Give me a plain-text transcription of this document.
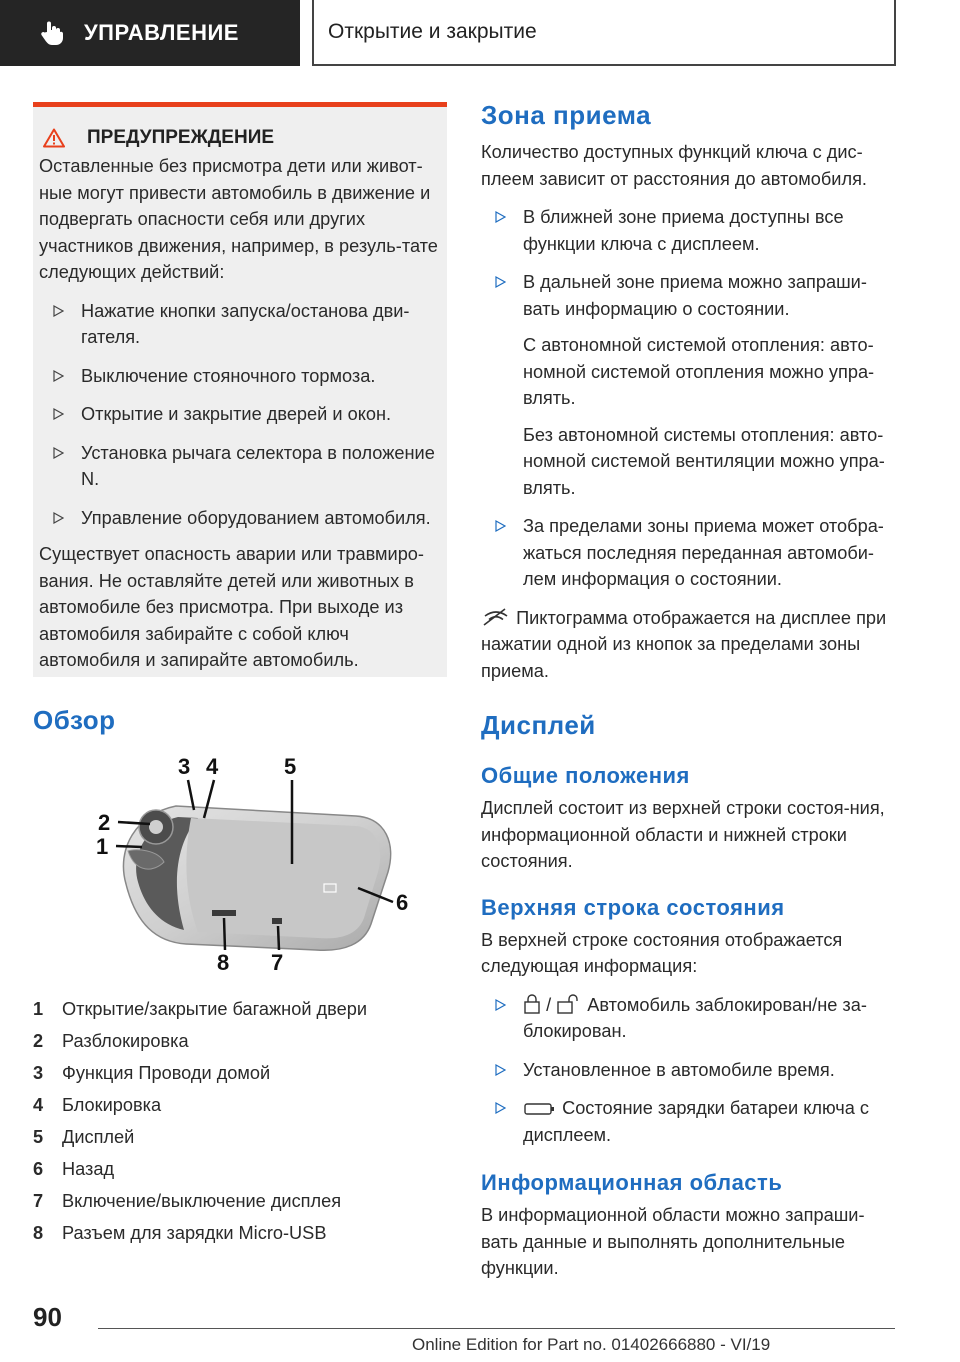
УПРАВЛЕНИЕ	Открытие и закрытие
ПРЕДУПРЕЖДЕНИЕ

Оставленные без присмотра дети или живот-ные могут привести автомобиль в движение и подвергать опасности себя или других участников движения, например, в резуль-тате следующих действий:

Нажатие кнопки запуска/останова дви-гателя.
Выключение стояночного тормоза.
Открытие и закрытие дверей и окон.
Установка рычага селектора в положение N.
Управление оборудованием автомобиля.

Существует опасность аварии или травмиро-вания. Не оставляйте детей или животных в автомобиле без присмотра. При выходе из автомобиля забирайте с собой ключ автомобиля и запирайте автомобиль.

Обзор
1
2
3 4	5
6
7
8
1	Открытие/закрытие багажной двери
2	Разблокировка
3	Функция Проводи домой
4	Блокировка
5	Дисплей
6	Назад
7	Включение/выключение дисплея
8	Разъем для зарядки Micro-USB
Зона приема

Количество доступных функций ключа с дис-плеем зависит от расстояния до автомобиля.

В ближней зоне приема доступны все функции ключа с дисплеем.
В дальней зоне приема можно запраши-вать информацию о состоянии.

С автономной системой отопления: авто-номной системой отопления можно упра-влять.

Без автономной системы отопления: авто-номной системой вентиляции можно упра-влять.

За пределами зоны приема может отобра-жаться последняя переданная автомоби-лем информация о состоянии.

Пиктограмма отображается на дисплее при нажатии одной из кнопок за пределами зоны приема.

Дисплей
Общие положения

Дисплей состоит из верхней строки состоя-ния, информационной области и нижней строки состояния.

Верхняя строка состояния

В верхней строке состояния отображается следующая информация:

/ Автомобиль заблокирован/не за-блокирован.
Установленное в автомобиле время.
Состояние зарядки батареи ключа с дисплеем.
Информационная область

В информационной области можно запраши-вать данные и выполнять дополнительные функции.

90
Online Edition for Part no. 01402666880 - VI/19
